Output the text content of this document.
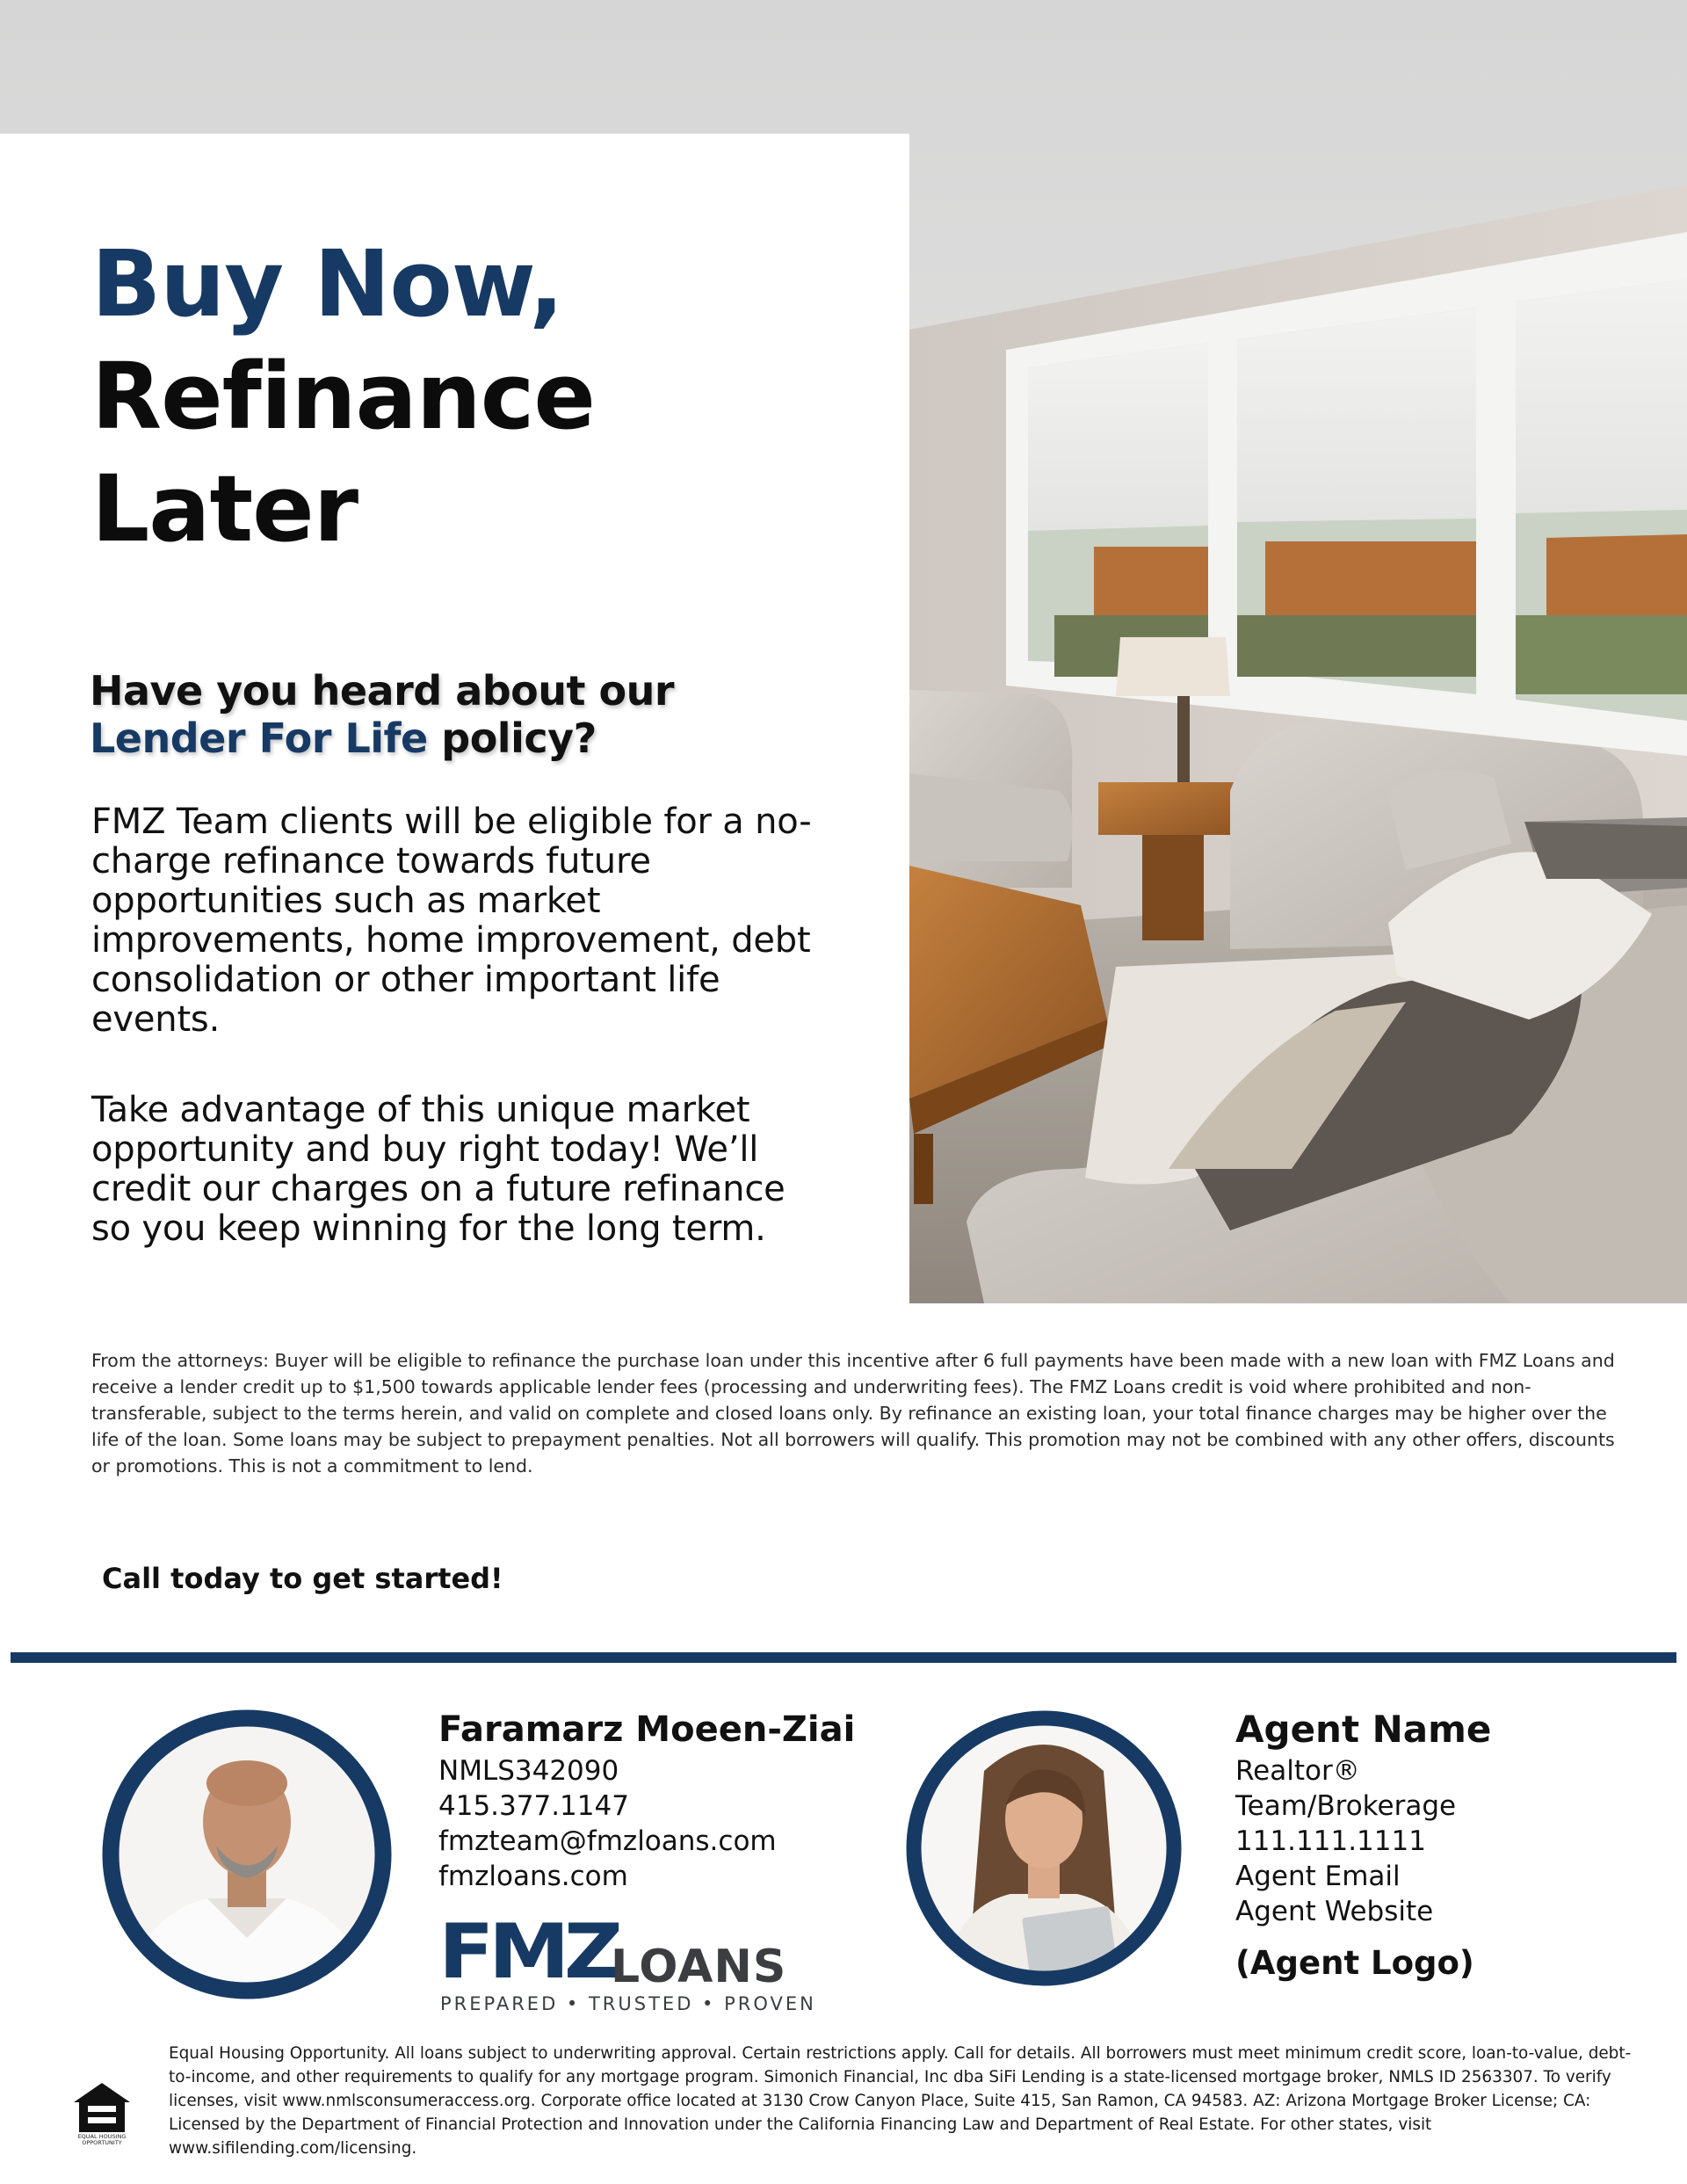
Buy Now,
Refinance
Later
Have you heard about our
Lender For Life policy?

FMZ Team clients will be eligible for a no-charge refinance towards future opportunities such as market improvements, home improvement, debt consolidation or other important life events.

Take advantage of this unique market opportunity and buy right today! We’ll credit our charges on a future refinance so you keep winning for the long term.

From the attorneys: Buyer will be eligible to refinance the purchase loan under this incentive after 6 full payments have been made with a new loan with FMZ Loans and receive a lender credit up to $1,500 towards applicable lender fees (processing and underwriting fees). The FMZ Loans credit is void where prohibited and non-transferable, subject to the terms herein, and valid on complete and closed loans only. By refinance an existing loan, your total finance charges may be higher over the life of the loan. Some loans may be subject to prepayment penalties. Not all borrowers will qualify. This promotion may not be combined with any other offers, discounts or promotions. This is not a commitment to lend.

Call today to get started!
Faramarz Moeen-Ziai
NMLS342090
415.377.1147
fmzteam@fmzloans.com
fmzloans.com
FMZ
LOANS
PREPARED • TRUSTED • PROVEN
Agent Name
Realtor®
Team/Brokerage
111.111.1111
Agent Email
Agent Website
(Agent Logo)
EQUAL HOUSING OPPORTUNITY

Equal Housing Opportunity. All loans subject to underwriting approval. Certain restrictions apply. Call for details. All borrowers must meet minimum credit score, loan-to-value, debt-to-income, and other requirements to qualify for any mortgage program. Simonich Financial, Inc dba SiFi Lending is a state-licensed mortgage broker, NMLS ID 2563307. To verify licenses, visit www.nmlsconsumeraccess.org. Corporate office located at 3130 Crow Canyon Place, Suite 415, San Ramon, CA 94583. AZ: Arizona Mortgage Broker License; CA: Licensed by the Department of Financial Protection and Innovation under the California Financing Law and Department of Real Estate. For other states, visit www.sifilending.com/licensing.
